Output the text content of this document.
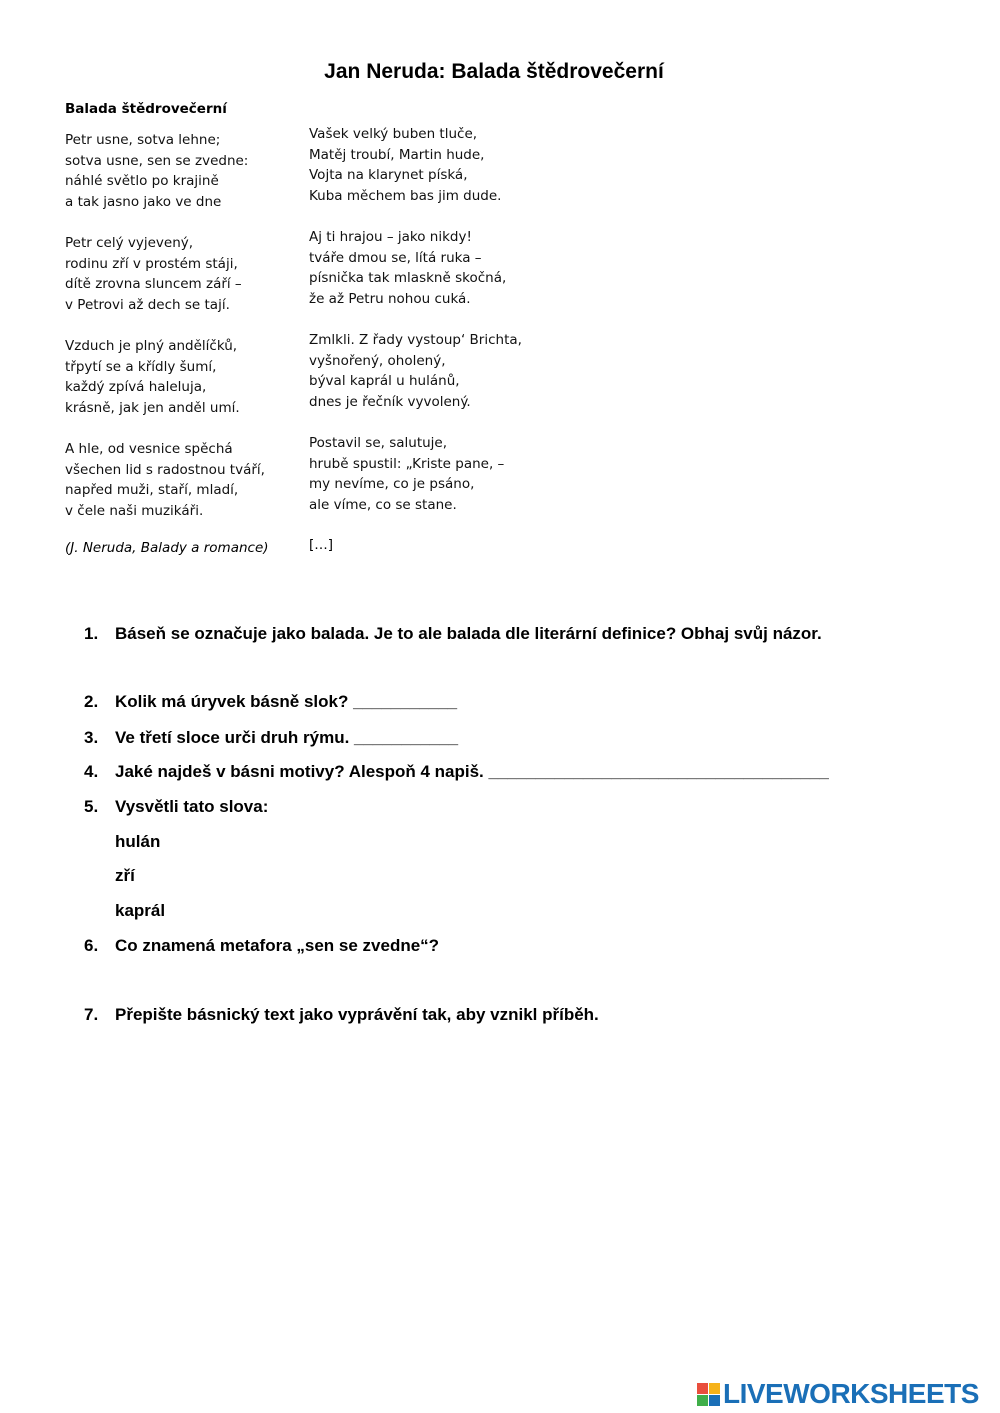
Jan Neruda: Balada štědrovečerní
Balada štědrovečerní
Petr usne, sotva lehne;
sotva usne, sen se zvedne:
náhlé světlo po krajině
a tak jasno jako ve dne
Petr celý vyjevený,
rodinu zří v prostém stáji,
dítě zrovna sluncem září –
v Petrovi až dech se tají.
Vzduch je plný andělíčků,
třpytí se a křídly šumí,
každý zpívá haleluja,
krásně, jak jen anděl umí.
A hle, od vesnice spěchá
všechen lid s radostnou tváří,
napřed muži, staří, mladí,
v čele naši muzikáři.
Vašek velký buben tluče,
Matěj troubí, Martin hude,
Vojta na klarynet píská,
Kuba měchem bas jim dude.
Aj ti hrajou – jako nikdy!
tváře dmou se, lítá ruka –
písnička tak mlaskně skočná,
že až Petru nohou cuká.
Zmlkli. Z řady vystoup‘ Brichta,
vyšnořený, oholený,
býval kaprál u hulánů,
dnes je řečník vyvolený.
Postavil se, salutuje,
hrubě spustil: „Kriste pane, –
my nevíme, co je psáno,
ale víme, co se stane.
(J. Neruda, Balady a romance)	[…]
1. Báseň se označuje jako balada. Je to ale balada dle literární definice? Obhaj svůj názor.
2. Kolik má úryvek básně slok? ___________
3. Ve třetí sloce urči druh rýmu. ___________
4. Jaké najdeš v básni motivy? Alespoň 4 napiš. ____________________________________
5. Vysvětli tato slova:
hulán
zří
kaprál
6. Co znamená metafora „sen se zvedne“?
7. Přepište básnický text jako vyprávění tak, aby vznikl příběh.
LIVEWORKSHEETS
